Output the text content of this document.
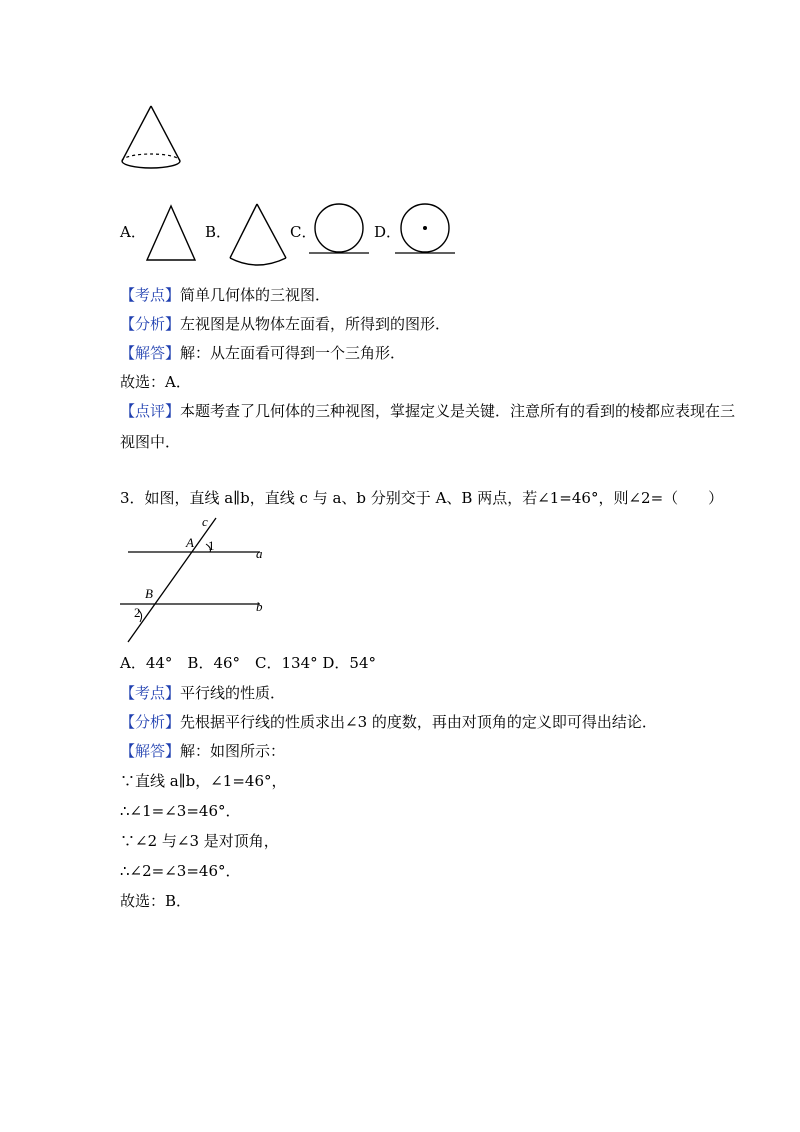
A．	B．	C．	D．
【考点】简单几何体的三视图．
【分析】左视图是从物体左面看，所得到的图形．
【解答】解：从左面看可得到一个三角形．
故选：A．
【点评】本题考查了几何体的三种视图，掌握定义是关键．注意所有的看到的棱都应表现在三
视图中．
3．如图，直线 a∥b，直线 c 与 a、b 分别交于 A、B 两点，若∠1=46°，则∠2=（　　）
c
A 1
a
B
2	b
A．44°　B．46°　C．134° D．54°
【考点】平行线的性质．
【分析】先根据平行线的性质求出∠3 的度数，再由对顶角的定义即可得出结论．
【解答】解：如图所示：
∵直线 a∥b，∠1=46°，
∴∠1=∠3=46°．
∵∠2 与∠3 是对顶角，
∴∠2=∠3=46°．
故选：B．
